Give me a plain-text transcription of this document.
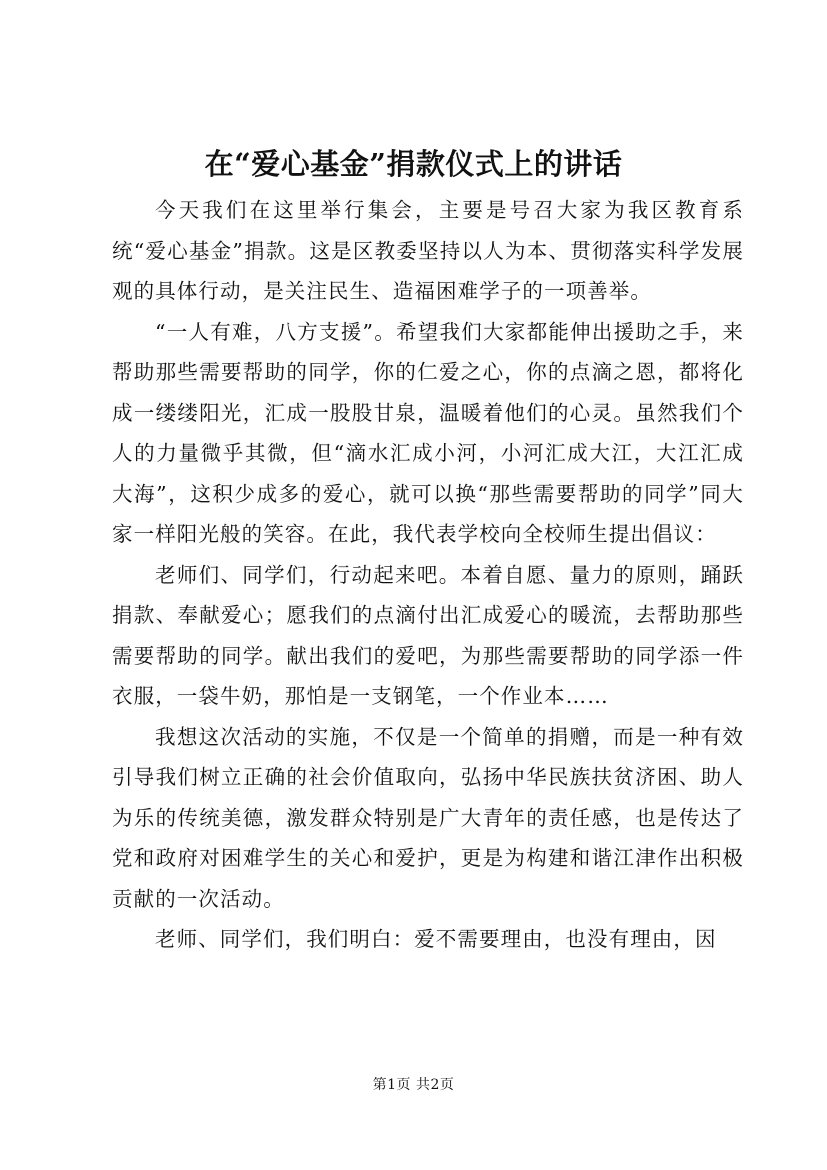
在“爱心基金”捐款仪式上的讲话

今天我们在这里举行集会，主要是号召大家为我区教育系统“爱心基金”捐款。这是区教委坚持以人为本、贯彻落实科学发展观的具体行动，是关注民生、造福困难学子的一项善举。

“一人有难，八方支援”。希望我们大家都能伸出援助之手，来帮助那些需要帮助的同学，你的仁爱之心，你的点滴之恩，都将化成一缕缕阳光，汇成一股股甘泉，温暖着他们的心灵。虽然我们个人的力量微乎其微，但“滴水汇成小河，小河汇成大江，大江汇成大海”，这积少成多的爱心，就可以换“那些需要帮助的同学”同大家一样阳光般的笑容。在此，我代表学校向全校师生提出倡议：

老师们、同学们，行动起来吧。本着自愿、量力的原则，踊跃捐款、奉献爱心；愿我们的点滴付出汇成爱心的暖流，去帮助那些需要帮助的同学。献出我们的爱吧，为那些需要帮助的同学添一件衣服，一袋牛奶，那怕是一支钢笔，一个作业本……

我想这次活动的实施，不仅是一个简单的捐赠，而是一种有效引导我们树立正确的社会价值取向，弘扬中华民族扶贫济困、助人为乐的传统美德，激发群众特别是广大青年的责任感，也是传达了党和政府对困难学生的关心和爱护，更是为构建和谐江津作出积极贡献的一次活动。

老师、同学们，我们明白：爱不需要理由，也没有理由，因

第1页 共2页
